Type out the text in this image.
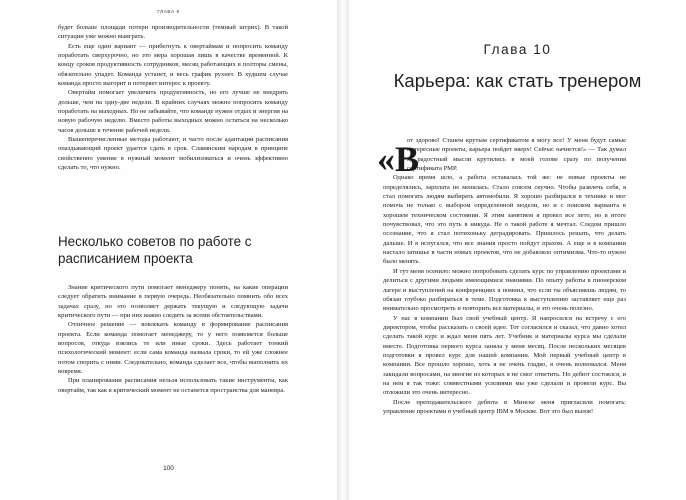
ГЛАВА 9

будет больше площади потери производительности (темный штрих). В такой ситуации уже можно выиграть.

Есть еще один вариант — прибегнуть к овертаймам и попросить команду поработать сверхурочно, но это мера хорошая лишь в качестве временной. К концу сроков продуктивность сотрудников, месяц работающих в полторы смены, обязательно упадет. Команда устанет, и весь график рухнет. В худшем случае команда просто выгорит и потеряет интерес к проекту.

Овертайм помогает увеличить продуктивность, но его лучше не внедрять дольше, чем на одну-две недели. В крайних случаях можно попросить команду поработать на выходных. Но не забывайте, что команде нужен отдых и энергия на новую рабочую неделю. Вместо работы выходных можно остаться на несколько часов дольше в течение рабочей недели.

Вышеперечисленные методы работают, и часто после адаптации расписания опаздывающий проект удается сдать в срок. Славянским народам в принципе свойственно умение в нужный момент мобилизоваться и очень эффективно сделать то, что нужно.

Несколько советов по работе с расписанием проекта

Знание критического пути помогает менеджеру понять, на какие операции следует обратить внимание в первую очередь. Необязательно помнить обо всех задачах сразу, но это позволяет держать текущую и следующую задачи критического пути — при них важно следить за всеми обстоятельствами.

Отличное решение — вовлекать команду в формирование расписания проекта. Если команда помогает менеджеру, то у него появляется больше вопросов, откуда взялись те или иные сроки. Здесь работает тонкий психологический момент: если сама команда назвала сроки, то ей уже сложнее потом спорить с ними. Следовательно, команда сделает все, чтобы выполнить их вовремя.

При планировании расписания нельзя использовать такие инструменты, как овертайм, так как в критический момент не останется пространства для маневра.

100
Глава 10
Карьера: как стать тренером
«В

от здорово! Станем крутым сертификатом я могу все! У меня будут самые интересные проекты, карьера пойдет вверх! Сейчас начнется!» — Так думал я, радостный мысли крутились в моей голове сразу по получения сертификата PMP.

Однако время шло, а работа оставалась той же: не новые проекты не определялись, зарплата не менялась. Стало совсем скучно. Чтобы развлечь себя, я стал помогать людям выбирать автомобили. Я хорошо разбирался в технике и мог помочь не только с выбором определенной модели, но и с поиском варианта в хорошем техническом состоянии. Я этим занятием я провел все лето, но в итоге почувствовал, что это путь в никуда. Не о такой работе я мечтал. Следом пришло осознание, что я стал потихоньку деградировать. Пришлось решать, что делать дальше. И я испугался, что все знания просто пойдут прахом. А еще и в компании настало затишье в части новых проектов, что не добавляло оптимизма. Что-то нужно было менять.

И тут меня осенило: можно попробовать сделать курс по управлению проектами и делиться с другими людьми имеющимися знаниями. По опыту работы в пионерском лагере и выступлений на конференциях я помнил, что если ты объясняешь людям, то обязан глубоко разбираться в теме. Подготовка к выступлению заставляет еще раз внимательно просмотреть и повторить все материалы, и это очень полезно.

У нас в компании был свой учебный центр. Я напросился на встречу с его директором, чтобы рассказать о своей идее. Тот согласился и сказал, что давно хотел сделать такой курс и ждал меня пять лет. Учебник и материалы курса мы сделали вместе. Подготовка первого курса заняла у меня месяц. После нескольких месяцев подготовки я провел курс для нашей компании. Мой первый учебный центр в компании. Все прошло хорошо, хоть я не очень гладко, я очень волновался. Меня закидали вопросами, на многие из которых я не смог ответить. Но дебют состоялся, и на нем я так тоже: совместными усилиями мы уже сделали и провели курс. Вы отложили это очень интересно.

После преподавательского дебюта в Минске меня пригласили помогать: управление проектами в учебный центр IBM в Москве. Вот это был вызов!
